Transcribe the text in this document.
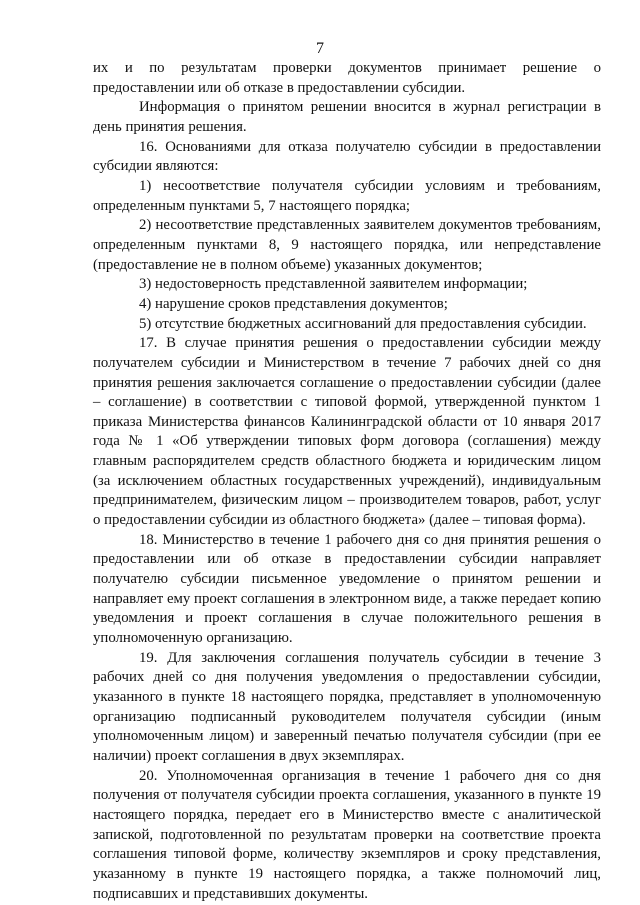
7

их и по результатам проверки документов принимает решение о предоставлении или об отказе в предоставлении субсидии.

Информация о принятом решении вносится в журнал регистрации в день принятия решения.

16. Основаниями для отказа получателю субсидии в предоставлении субсидии являются:

1) несоответствие получателя субсидии условиям и требованиям, определенным пунктами 5, 7 настоящего порядка;

2) несоответствие представленных заявителем документов требованиям, определенным пунктами 8, 9 настоящего порядка, или непредставление (предоставление не в полном объеме) указанных документов;

3) недостоверность представленной заявителем информации;

4) нарушение сроков представления документов;

5) отсутствие бюджетных ассигнований для предоставления субсидии.

17. В случае принятия решения о предоставлении субсидии между получателем субсидии и Министерством в течение 7 рабочих дней со дня принятия решения заключается соглашение о предоставлении субсидии (далее – соглашение) в соответствии с типовой формой, утвержденной пунктом 1 приказа Министерства финансов Калининградской области от 10 января 2017 года № 1 «Об утверждении типовых форм договора (соглашения) между главным распорядителем средств областного бюджета и юридическим лицом (за исключением областных государственных учреждений), индивидуальным предпринимателем, физическим лицом – производителем товаров, работ, услуг о предоставлении субсидии из областного бюджета» (далее – типовая форма).

18. Министерство в течение 1 рабочего дня со дня принятия решения о предоставлении или об отказе в предоставлении субсидии направляет получателю субсидии письменное уведомление о принятом решении и направляет ему проект соглашения в электронном виде, а также передает копию уведомления и проект соглашения в случае положительного решения в уполномоченную организацию.

19. Для заключения соглашения получатель субсидии в течение 3 рабочих дней со дня получения уведомления о предоставлении субсидии, указанного в пункте 18 настоящего порядка, представляет в уполномоченную организацию подписанный руководителем получателя субсидии (иным уполномоченным лицом) и заверенный печатью получателя субсидии (при ее наличии) проект соглашения в двух экземплярах.

20. Уполномоченная организация в течение 1 рабочего дня со дня получения от получателя субсидии проекта соглашения, указанного в пункте 19 настоящего порядка, передает его в Министерство вместе с аналитической запиской, подготовленной по результатам проверки на соответствие проекта соглашения типовой форме, количеству экземпляров и сроку представления, указанному в пункте 19 настоящего порядка, а также полномочий лиц, подписавших и представивших документы.
